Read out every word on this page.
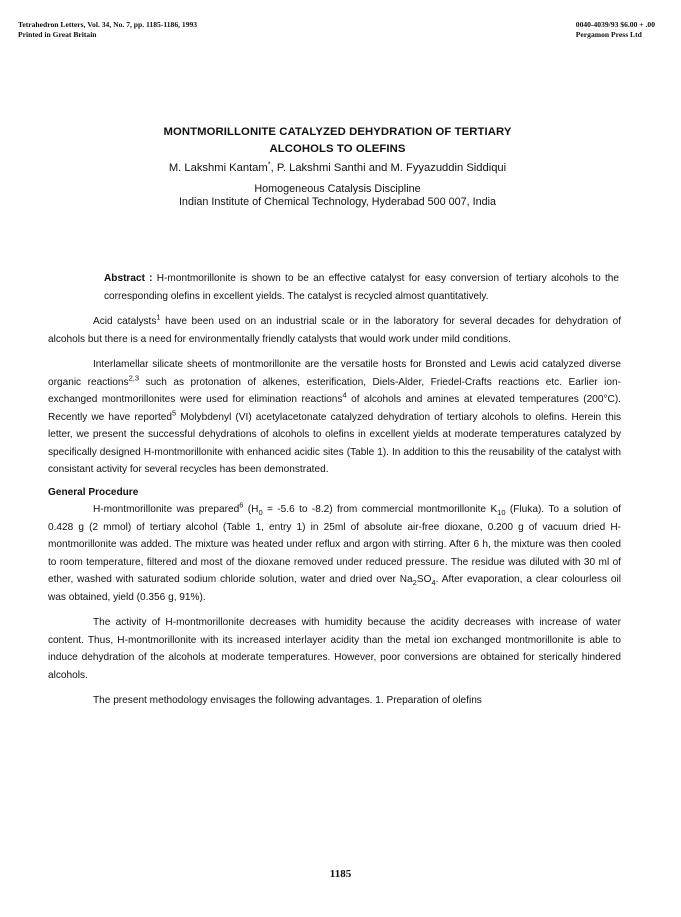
Tetrahedron Letters, Vol. 34, No. 7, pp. 1185-1186, 1993
Printed in Great Britain
0040-4039/93 $6.00 + .00
Pergamon Press Ltd
MONTMORILLONITE CATALYZED DEHYDRATION OF TERTIARY
ALCOHOLS TO OLEFINS
M. Lakshmi Kantam*, P. Lakshmi Santhi and M. Fyyazuddin Siddiqui
Homogeneous Catalysis Discipline
Indian Institute of Chemical Technology, Hyderabad 500 007, India

Abstract : H-montmorillonite is shown to be an effective catalyst for easy conversion of tertiary alcohols to the corresponding olefins in excellent yields. The catalyst is recycled almost quantitatively.

Acid catalysts$^1$ have been used on an industrial scale or in the laboratory for several decades for dehydration of alcohols but there is a need for environmentally friendly catalysts that would work under mild conditions.

Interlamellar silicate sheets of montmorillonite are the versatile hosts for Bronsted and Lewis acid catalyzed diverse organic reactions$^{2,3}$ such as protonation of alkenes, esterification, Diels-Alder, Friedel-Crafts reactions etc. Earlier ion-exchanged montmorillonites were used for elimination reactions$^4$ of alcohols and amines at elevated temperatures (200°C). Recently we have reported$^5$ Molybdenyl (VI) acetylacetonate catalyzed dehydration of tertiary alcohols to olefins. Herein this letter, we present the successful dehydrations of alcohols to olefins in excellent yields at moderate temperatures catalyzed by specifically designed H-montmorillonite with enhanced acidic sites (Table 1). In addition to this the reusability of the catalyst with consistant activity for several recycles has been demonstrated.

General Procedure

H-montmorillonite was prepared$^6$ ($H_0 = -5.6$ to -8.2) from commercial montmorillonite $K_{10}$ (Fluka). To a solution of 0.428 g (2 mmol) of tertiary alcohol (Table 1, entry 1) in 25ml of absolute air-free dioxane, 0.200 g of vacuum dried H-montmorillonite was added. The mixture was heated under reflux and argon with stirring. After 6 h, the mixture was then cooled to room temperature, filtered and most of the dioxane removed under reduced pressure. The residue was diluted with 30 ml of ether, washed with saturated sodium chloride solution, water and dried over $Na_2SO_4$. After evaporation, a clear colourless oil was obtained, yield (0.356 g, 91%).

The activity of H-montmorillonite decreases with humidity because the acidity decreases with increase of water content. Thus, H-montmorillonite with its increased interlayer acidity than the metal ion exchanged montmorillonite is able to induce dehydration of the alcohols at moderate temperatures. However, poor conversions are obtained for sterically hindered alcohols.

The present methodology envisages the following advantages. 1. Preparation of olefins

1185
